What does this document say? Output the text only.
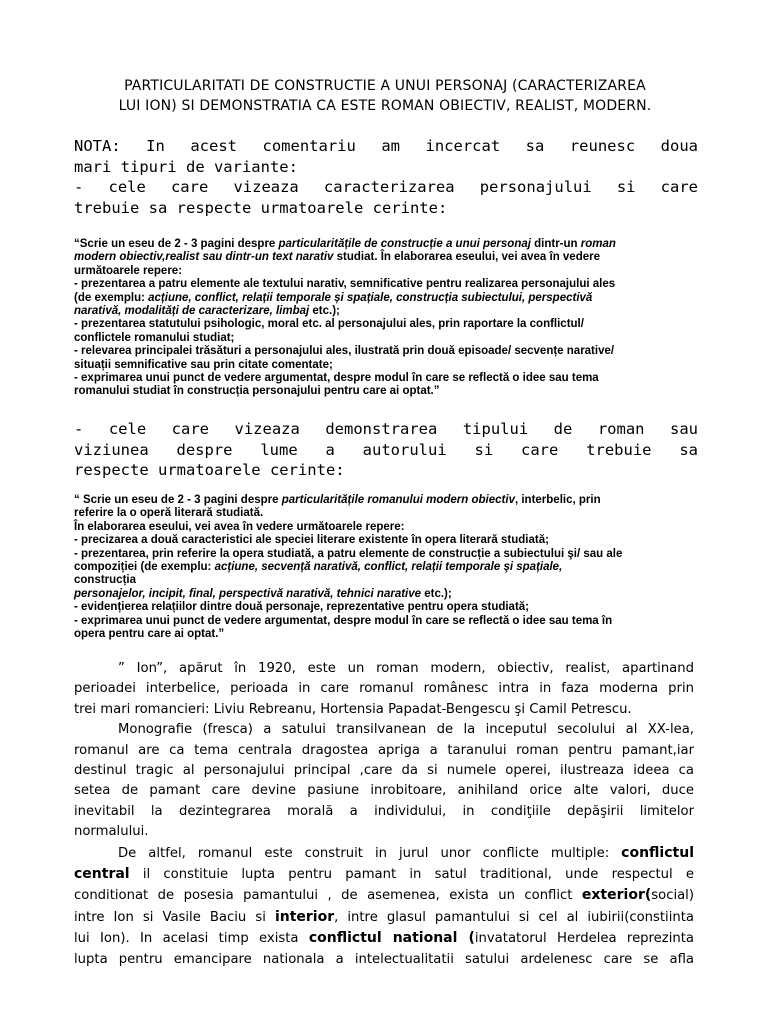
PARTICULARITATI DE CONSTRUCTIE A UNUI PERSONAJ (CARACTERIZAREA
LUI ION) SI DEMONSTRATIA CA ESTE ROMAN OBIECTIV, REALIST, MODERN.
NOTA: In acest comentariu am incercat sa reunesc doua
mari tipuri de variante:
- cele care vizeaza caracterizarea personajului si care
trebuie sa respecte urmatoarele cerinte:
“Scrie un eseu de 2 - 3 pagini despre particularitățile de construcție a unui personaj dintr-un roman
modern obiectiv,realist sau dintr-un text narativ studiat. În elaborarea eseului, vei avea în vedere
următoarele repere:
- prezentarea a patru elemente ale textului narativ, semnificative pentru realizarea personajului ales
(de exemplu: acțiune, conflict, relații temporale și spațiale, construcția subiectului, perspectivă
narativă, modalități de caracterizare, limbaj etc.);
- prezentarea statutului psihologic, moral etc. al personajului ales, prin raportare la conflictul/
conflictele romanului studiat;
- relevarea principalei trăsături a personajului ales, ilustrată prin două episoade/ secvențe narative/
situații semnificative sau prin citate comentate;
- exprimarea unui punct de vedere argumentat, despre modul în care se reflectă o idee sau tema
romanului studiat în construcția personajului pentru care ai optat.”
- cele care vizeaza demonstrarea tipului de roman sau
viziunea despre lume a autorului si care trebuie sa
respecte urmatoarele cerinte:
“ Scrie un eseu de 2 - 3 pagini despre particularitățile romanului modern obiectiv, interbelic, prin
referire la o operă literară studiată.
În elaborarea eseului, vei avea în vedere următoarele repere:
- precizarea a două caracteristici ale speciei literare existente în opera literară studiată;
- prezentarea, prin referire la opera studiată, a patru elemente de construcție a subiectului şi/ sau ale
compoziției (de exemplu: acțiune, secvență narativă, conflict, relații temporale şi spațiale,
construcția
personajelor, incipit, final, perspectivă narativă, tehnici narative etc.);
- evidențierea relațiilor dintre două personaje, reprezentative pentru opera studiată;
- exprimarea unui punct de vedere argumentat, despre modul în care se reflectă o idee sau tema în
opera pentru care ai optat.”
” Ion”, apărut în 1920, este un roman modern, obiectiv, realist, apartinand
perioadei interbelice, perioada in care romanul românesc intra in faza moderna prin
trei mari romancieri: Liviu Rebreanu, Hortensia Papadat-Bengescu şi Camil Petrescu.
Monografie (fresca) a satului transilvanean de la inceputul secolului al XX-lea,
romanul are ca tema centrala dragostea apriga a taranului roman pentru pamant,iar
destinul tragic al personajului principal ,care da si numele operei, ilustreaza ideea ca
setea de pamant care devine pasiune inrobitoare, anihiland orice alte valori, duce
inevitabil la dezintegrarea morală a individului, in condiţiile depăşirii limitelor
normalului.
De altfel, romanul este construit in jurul unor conflicte multiple: conflictul
central il constituie lupta pentru pamant in satul traditional, unde respectul e
conditionat de posesia pamantului , de asemenea, exista un conflict exterior(social)
intre Ion si Vasile Baciu si interior, intre glasul pamantului si cel al iubirii(constiinta
lui Ion). In acelasi timp exista conflictul national (invatatorul Herdelea reprezinta
lupta pentru emancipare nationala a intelectualitatii satului ardelenesc care se afla
